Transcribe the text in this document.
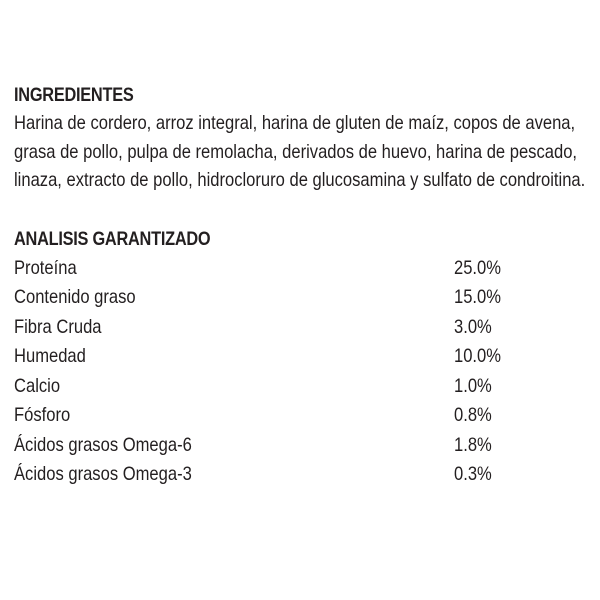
INGREDIENTES

Harina de cordero, arroz integral, harina de gluten de maíz, copos de avena, grasa de pollo, pulpa de remolacha, derivados de huevo, harina de pescado, linaza, extracto de pollo, hidrocloruro de glucosamina y sulfato de condroitina.

ANALISIS GARANTIZADO
Proteína	25.0%
Contenido graso	15.0%
Fibra Cruda	3.0%
Humedad	10.0%
Calcio	1.0%
Fósforo	0.8%
Ácidos grasos Omega-6	1.8%
Ácidos grasos Omega-3	0.3%
